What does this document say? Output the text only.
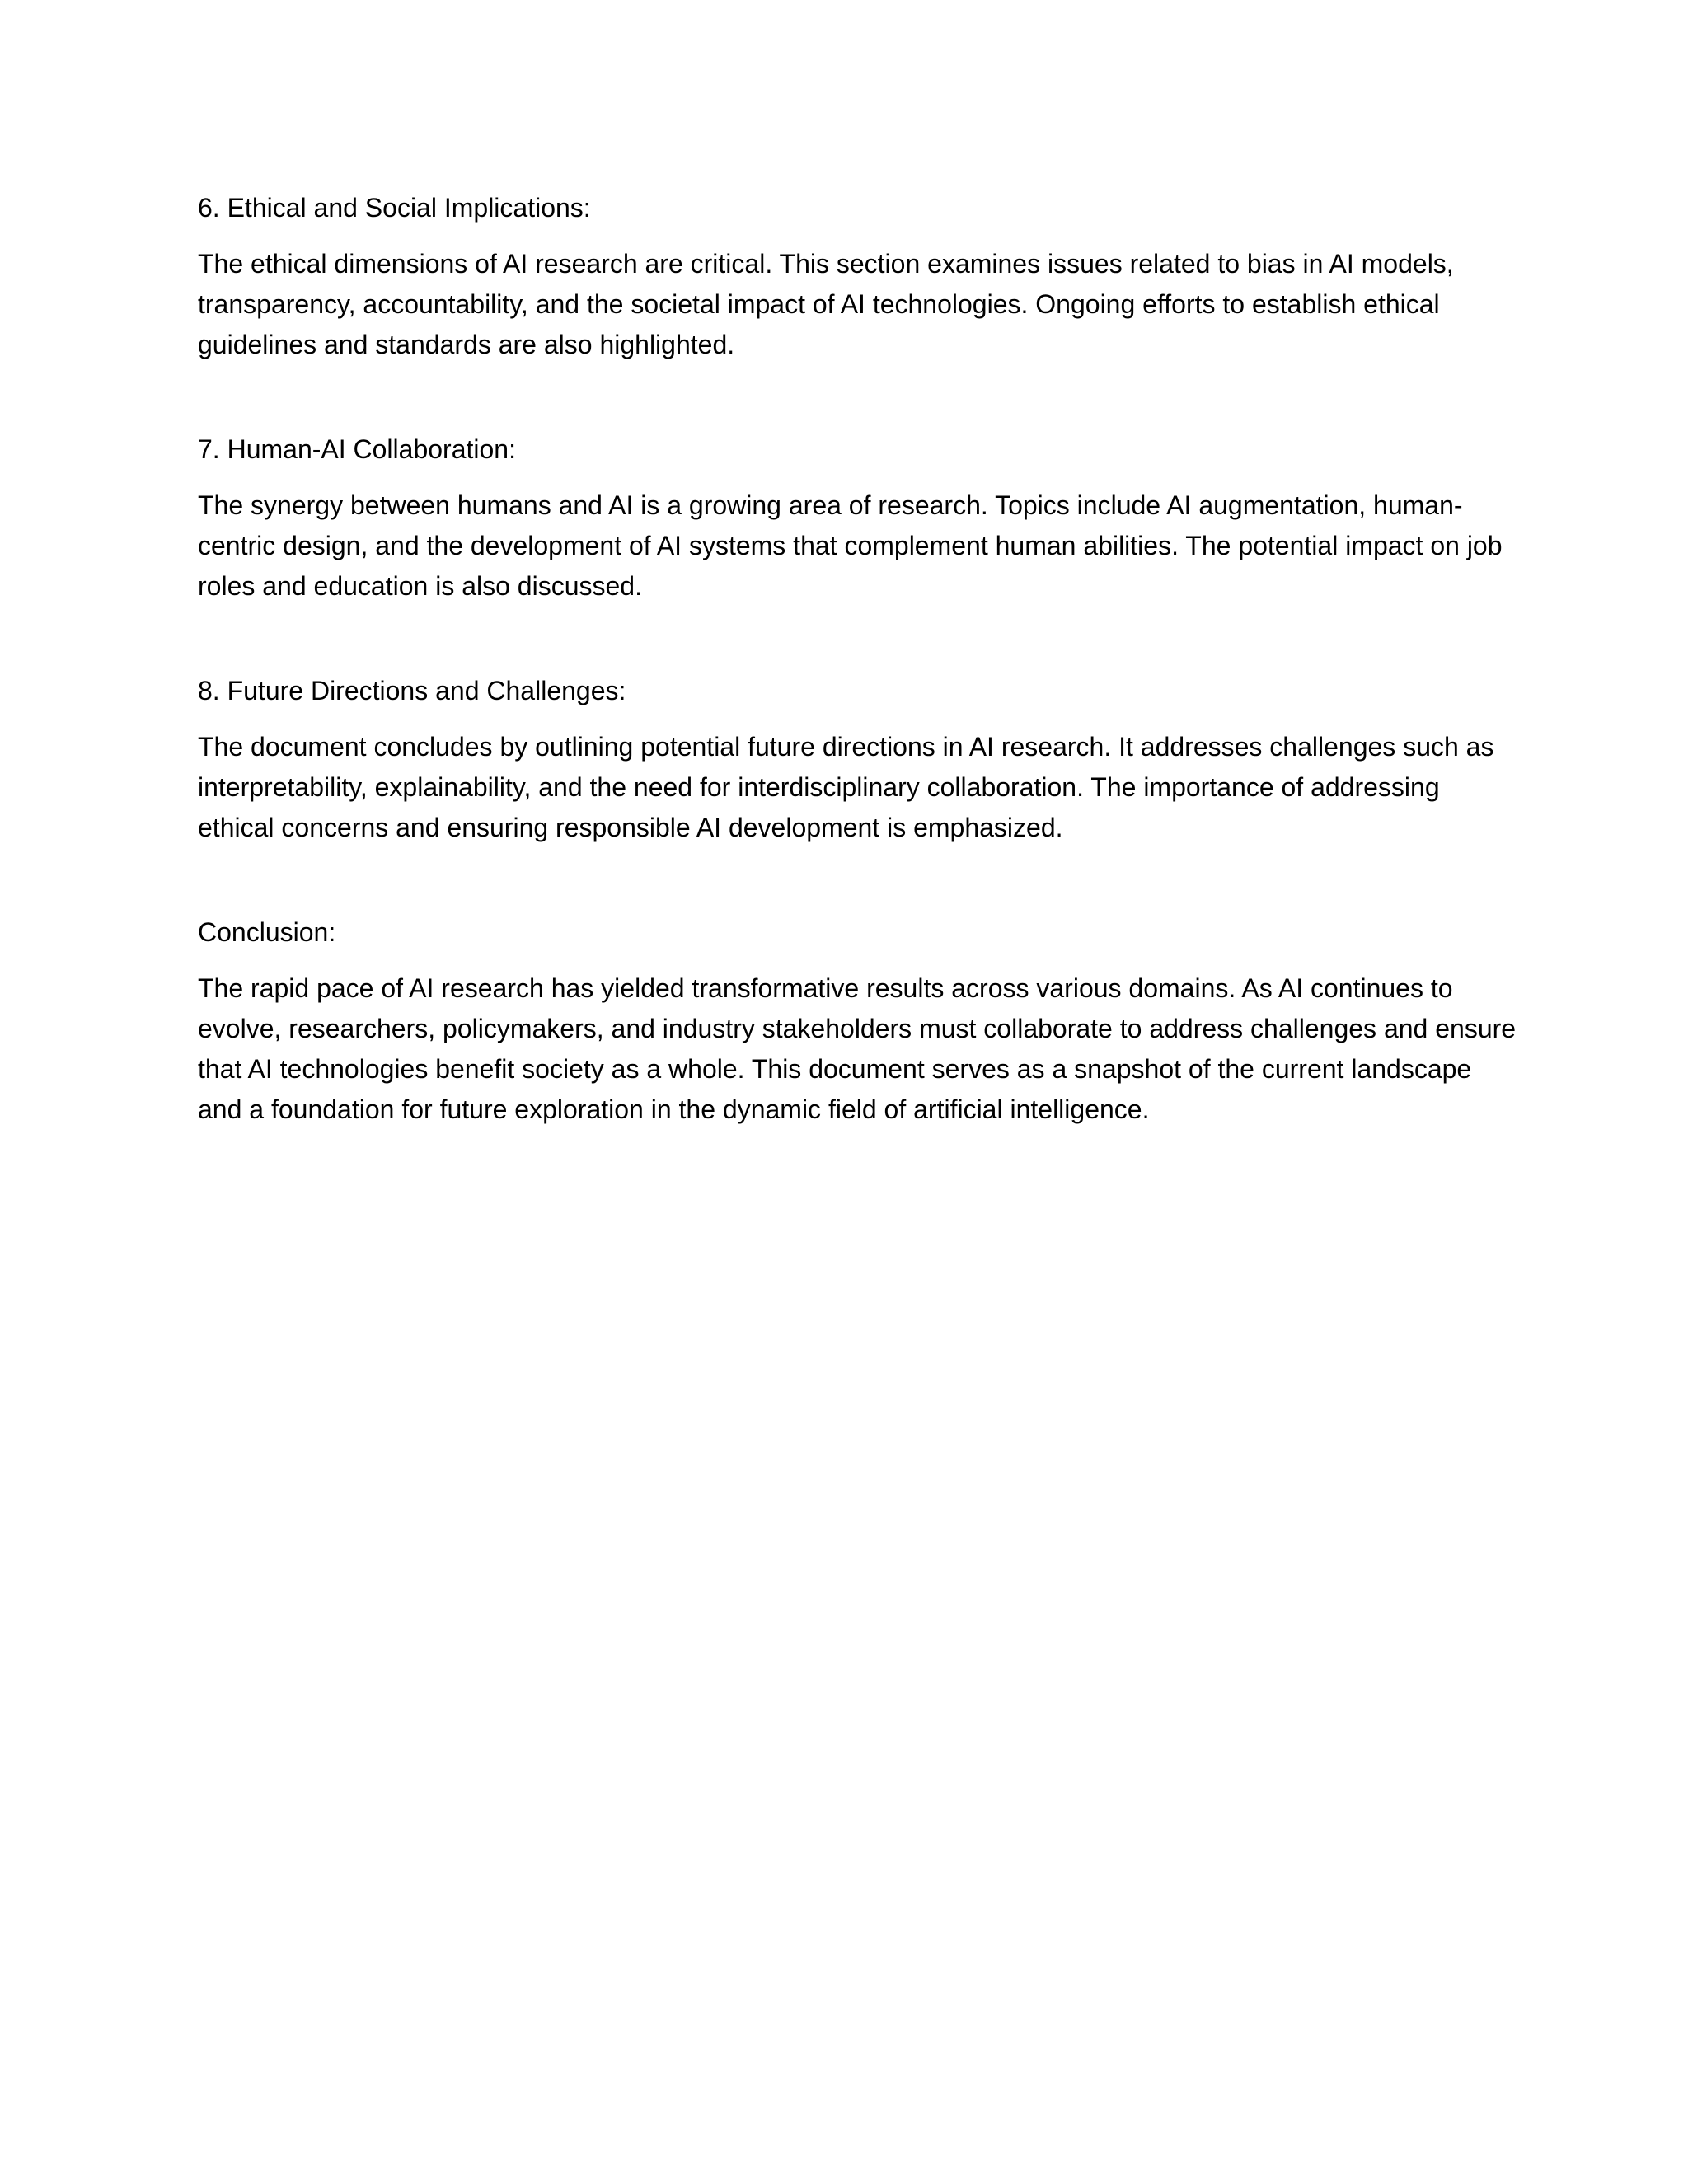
6. Ethical and Social Implications:

The ethical dimensions of AI research are critical. This section examines issues related to bias in AI models, transparency, accountability, and the societal impact of AI technologies. Ongoing efforts to establish ethical guidelines and standards are also highlighted.

7. Human-AI Collaboration:

The synergy between humans and AI is a growing area of research. Topics include AI augmentation, human-centric design, and the development of AI systems that complement human abilities. The potential impact on job roles and education is also discussed.

8. Future Directions and Challenges:

The document concludes by outlining potential future directions in AI research. It addresses challenges such as interpretability, explainability, and the need for interdisciplinary collaboration. The importance of addressing ethical concerns and ensuring responsible AI development is emphasized.

Conclusion:

The rapid pace of AI research has yielded transformative results across various domains. As AI continues to evolve, researchers, policymakers, and industry stakeholders must collaborate to address challenges and ensure that AI technologies benefit society as a whole. This document serves as a snapshot of the current landscape and a foundation for future exploration in the dynamic field of artificial intelligence.
